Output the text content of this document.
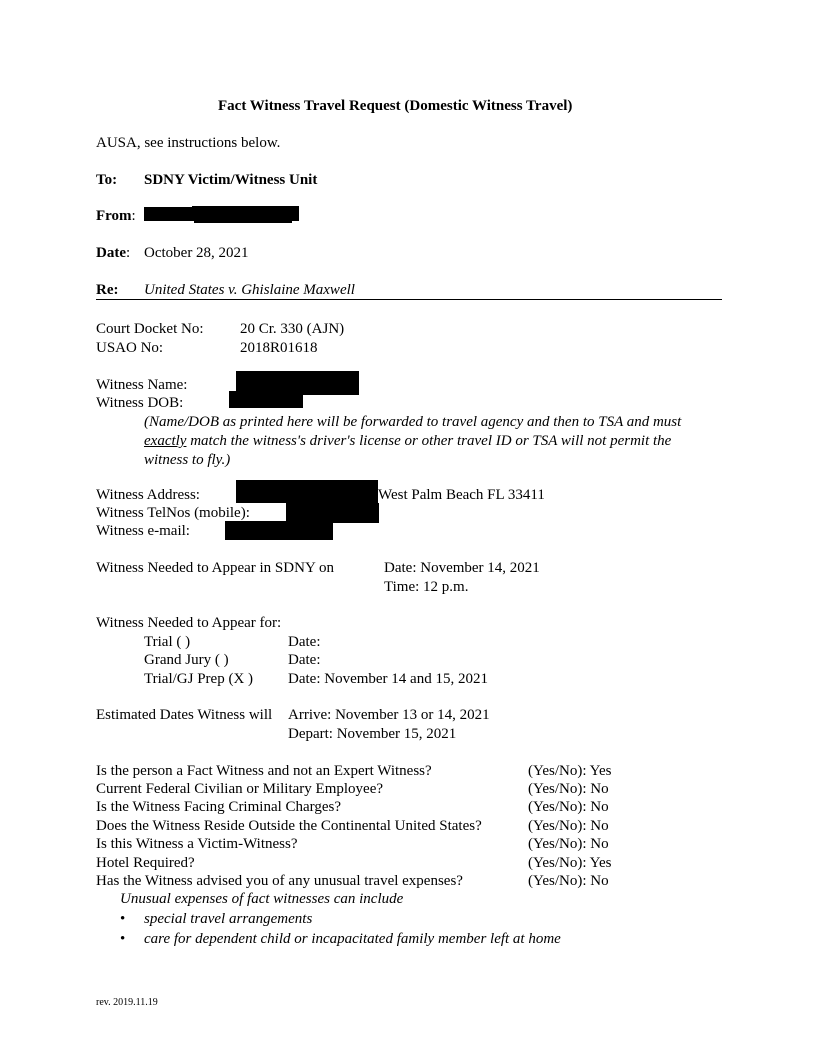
Fact Witness Travel Request (Domestic Witness Travel)
AUSA, see instructions below.
To: SDNY Victim/Witness Unit
From:
Date: October 28, 2021
Re: United States v. Ghislaine Maxwell
Court Docket No: 20 Cr. 330 (AJN)
USAO No:	2018R01618
Witness Name:
Witness DOB:
(Name/DOB as printed here will be forwarded to travel agency and then to TSA and must
exactly match the witness's driver's license or other travel ID or TSA will not permit the
witness to fly.)
Witness Address:	West Palm Beach FL 33411
Witness TelNos (mobile):
Witness e-mail:
Witness Needed to Appear in SDNY on	Date: November 14, 2021
Time: 12 p.m.
Witness Needed to Appear for:
Trial ( )	Date:
Grand Jury ( )	Date:
Trial/GJ Prep (X ) Date: November 14 and 15, 2021
Estimated Dates Witness will Arrive: November 13 or 14, 2021
Depart: November 15, 2021
Is the person a Fact Witness and not an Expert Witness?	(Yes/No): Yes
Current Federal Civilian or Military Employee?	(Yes/No): No
Is the Witness Facing Criminal Charges?	(Yes/No): No
Does the Witness Reside Outside the Continental United States?	(Yes/No): No
Is this Witness a Victim-Witness?	(Yes/No): No
Hotel Required?	(Yes/No): Yes
Has the Witness advised you of any unusual travel expenses?	(Yes/No): No
Unusual expenses of fact witnesses can include
• special travel arrangements
• care for dependent child or incapacitated family member left at home
rev. 2019.11.19
